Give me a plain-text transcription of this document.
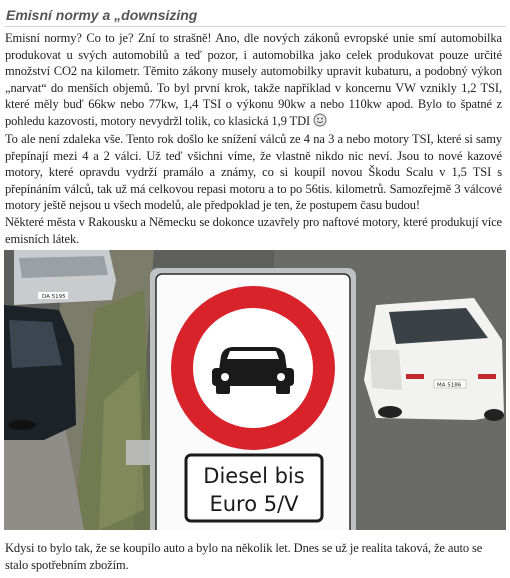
Emisní normy a „downsizing

Emisní normy? Co to je? Zní to strašně! Ano, dle nových zákonů evropské unie smí automobilka produkovat u svých automobilů a teď pozor, i automobilka jako celek produkovat pouze určité množství CO2 na kilometr. Těmito zákony musely automobilky upravit kubaturu, a podobný výkon „narvat“ do menších objemů. To byl první krok, takže například v koncernu VW vznikly 1,2 TSI, které měly buď 66kw nebo 77kw, 1,4 TSI o výkonu 90kw a nebo 110kw apod. Bylo to špatné z pohledu kazovosti, motory nevydržl tolik, co klasická 1,9 TDI

To ale není zdaleka vše. Tento rok došlo ke snížení válců ze 4 na 3 a nebo motory TSI, které si samy přepínají mezi 4 a 2 válci. Už teď všichni víme, že vlastně nikdo nic neví. Jsou to nové kazové motory, které opravdu vydrží pramálo a známy, co si koupil novou Škodu Scalu v 1,5 TSI s přepínáním válců, tak už má celkovou repasi motoru a to po 56tis. kilometrů. Samozřejmě 3 válcové motory ještě nejsou u všech modelů, ale předpoklad je ten, že postupem času budou!

Některé města v Rakousku a Německu se dokonce uzavřely pro naftové motory, které produkují více emisních látek.

DA 5195
MA 5186
Diesel bis
Euro 5/V

Kdysi to bylo tak, že se koupilo auto a bylo na několik let. Dnes se už je realita taková, že auto se stalo spotřebním zbožím.
